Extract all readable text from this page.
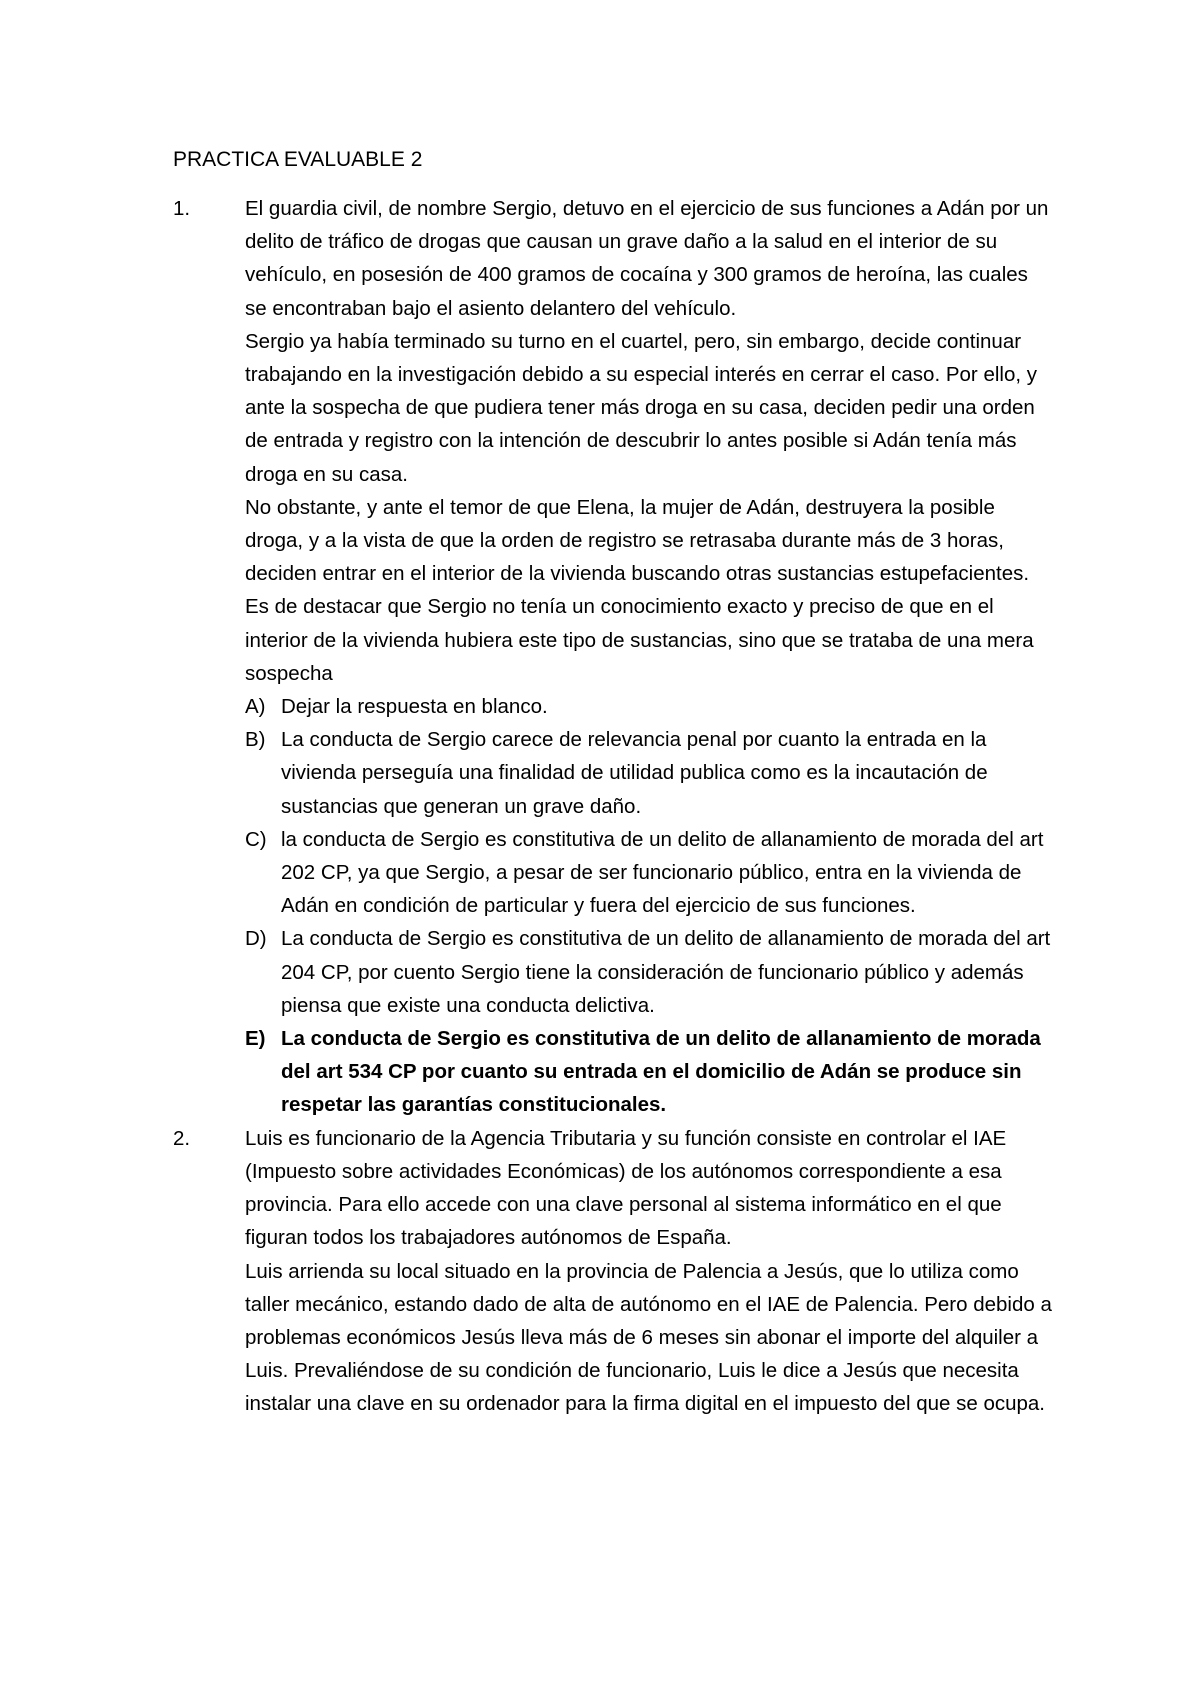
PRACTICA EVALUABLE 2
1.	El guardia civil, de nombre Sergio, detuvo en el ejercicio de sus funciones a Adán por un delito de tráfico de drogas que causan un grave daño a la salud en el interior de su vehículo, en posesión de 400 gramos de cocaína y 300 gramos de heroína, las cuales se encontraban bajo el asiento delantero del vehículo.

Sergio ya había terminado su turno en el cuartel, pero, sin embargo, decide continuar trabajando en la investigación debido a su especial interés en cerrar el caso. Por ello, y ante la sospecha de que pudiera tener más droga en su casa, deciden pedir una orden de entrada y registro con la intención de descubrir lo antes posible si Adán tenía más droga en su casa.

No obstante, y ante el temor de que Elena, la mujer de Adán, destruyera la posible droga, y a la vista de que la orden de registro se retrasaba durante más de 3 horas, deciden entrar en el interior de la vivienda buscando otras sustancias estupefacientes. Es de destacar que Sergio no tenía un conocimiento exacto y preciso de que en el interior de la vivienda hubiera este tipo de sustancias, sino que se trataba de una mera sospecha

A) Dejar la respuesta en blanco.
B) La conducta de Sergio carece de relevancia penal por cuanto la entrada en la vivienda perseguía una finalidad de utilidad publica como es la incautación de sustancias que generan un grave daño.
C) la conducta de Sergio es constitutiva de un delito de allanamiento de morada del art 202 CP, ya que Sergio, a pesar de ser funcionario público, entra en la vivienda de Adán en condición de particular y fuera del ejercicio de sus funciones.
D) La conducta de Sergio es constitutiva de un delito de allanamiento de morada del art 204 CP, por cuento Sergio tiene la consideración de funcionario público y además piensa que existe una conducta delictiva.
E) La conducta de Sergio es constitutiva de un delito de allanamiento de morada del art 534 CP por cuanto su entrada en el domicilio de Adán se produce sin respetar las garantías constitucionales.
2.	Luis es funcionario de la Agencia Tributaria y su función consiste en controlar el IAE (Impuesto sobre actividades Económicas) de los autónomos correspondiente a esa provincia. Para ello accede con una clave personal al sistema informático en el que figuran todos los trabajadores autónomos de España.

Luis arrienda su local situado en la provincia de Palencia a Jesús, que lo utiliza como taller mecánico, estando dado de alta de autónomo en el IAE de Palencia. Pero debido a problemas económicos Jesús lleva más de 6 meses sin abonar el importe del alquiler a Luis. Prevaliéndose de su condición de funcionario, Luis le dice a Jesús que necesita instalar una clave en su ordenador para la firma digital en el impuesto del que se ocupa.
